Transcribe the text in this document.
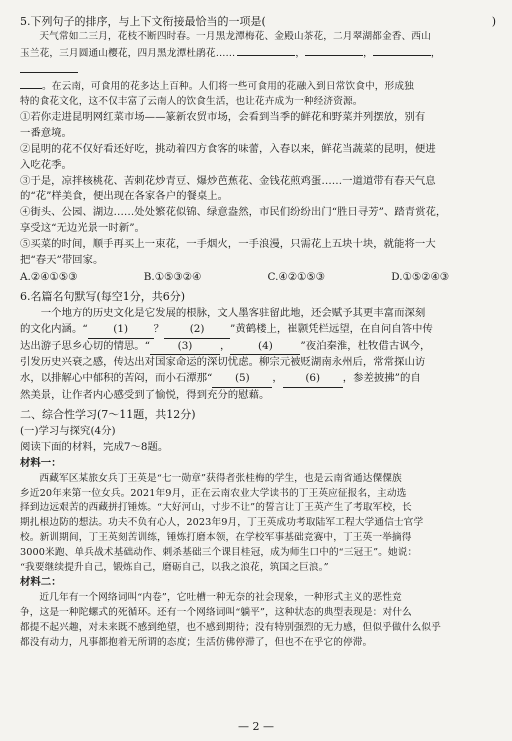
5.下列句子的排序，与上下文衔接最恰当的一项是(	)

天气常如二三月，花枝不断四时春。一月黑龙潭梅花、金殿山茶花，二月翠湖都金香、西山

玉兰花，三月圆通山樱花，四月黑龙潭杜鹃花……	，	，	，

。在云南，可食用的花多达上百种。人们将一些可食用的花融入到日常饮食中，形成独

特的食花文化，这不仅丰富了云南人的饮食生活，也让花卉成为一种经济资源。

①若你走进昆明网红菜市场——篆新农贸市场，会看到当季的鲜花和野菜并列摆放，别有

一番意境。

②昆明的花不仅好看还好吃，挑动着四方食客的味蕾，入春以来，鲜花当蔬菜的昆明，便进

入吃花季。

③于是，凉拌核桃花、苦刺花炒青豆、爆炒芭蕉花、金钱花煎鸡蛋……一道道带有春天气息

的“花”样美食，便出现在各家各户的餐桌上。

④街头、公园、湖边……处处繁花似锦、绿意盎然，市民们纷纷出门“胜日寻芳”、踏青赏花，

享受这“无边光景一时新”。

⑤买菜的时间，顺手再买上一束花，一手烟火，一手浪漫，只需花上五块十块，就能将一大

把“春天”带回家。

A.②④①⑤③	B.①⑤③②④	C.④②①⑤③	D.①⑤②④③

6.名篇名句默写(每空1分，共6分)

一个地方的历史文化是它发展的根脉，文人墨客驻留此地，还会赋予其更丰富而深刻

的文化内涵。“ (1) ？ (2) ”黄鹤楼上，崔颢凭栏远望，在自问自答中传

达出游子思乡心切的情思。“	(3)	，	(4)	”夜泊秦淮，杜牧借古讽今，

引发历史兴衰之感，传达出对国家命运的深切忧虑。柳宗元被贬湖南永州后，常常探山访

水，以排解心中郁积的苦闷，而小石潭那“ (5) ， (6) ，参差披拂”的自

然美景，让作者内心感受到了愉悦，得到充分的慰藉。

二、综合性学习(7～11题，共12分)

(一)学习与探究(4分)

阅读下面的材料，完成7～8题。

材料一：

西藏军区某旅女兵丁王英是“七一勋章”获得者张桂梅的学生，也是云南省通达僳僳族

乡近20年来第一位女兵。2021年9月，正在云南农业大学读书的丁王英应征报名，主动选

择到边远艰苦的西藏拼打锤炼。“大好河山，寸步不让”的誓言让丁王英产生了考取军校，长

期扎根边防的想法。功夫不负有心人，2023年9月，丁王英成功考取陆军工程大学通信士官学

校。新训期间，丁王英刻苦训练，锤炼打磨本领，在学校军事基础竞赛中，丁王英一举摘得

3000米跑、单兵战术基础动作、刺杀基础三个课目桂冠，成为师生口中的“三冠王”。她说：

“我要继续提升自己，锻炼自己，磨砺自己，以我之浪花，筑国之巨浪。”

材料二：

近几年有一个网络词叫“内卷”，它吐槽一种无奈的社会现象，一种形式主义的恶性竞

争，这是一种陀螺式的死循环。还有一个网络词叫“躺平”，这种状态的典型表现是：对什么

都提不起兴趣，对未来既不感到绝望，也不感到期待；没有特别强烈的无力感，但似乎做什么似乎

都没有动力，凡事都抱着无所谓的态度；生活仿佛停滞了，但也不在乎它的停滞。

— 2 —
